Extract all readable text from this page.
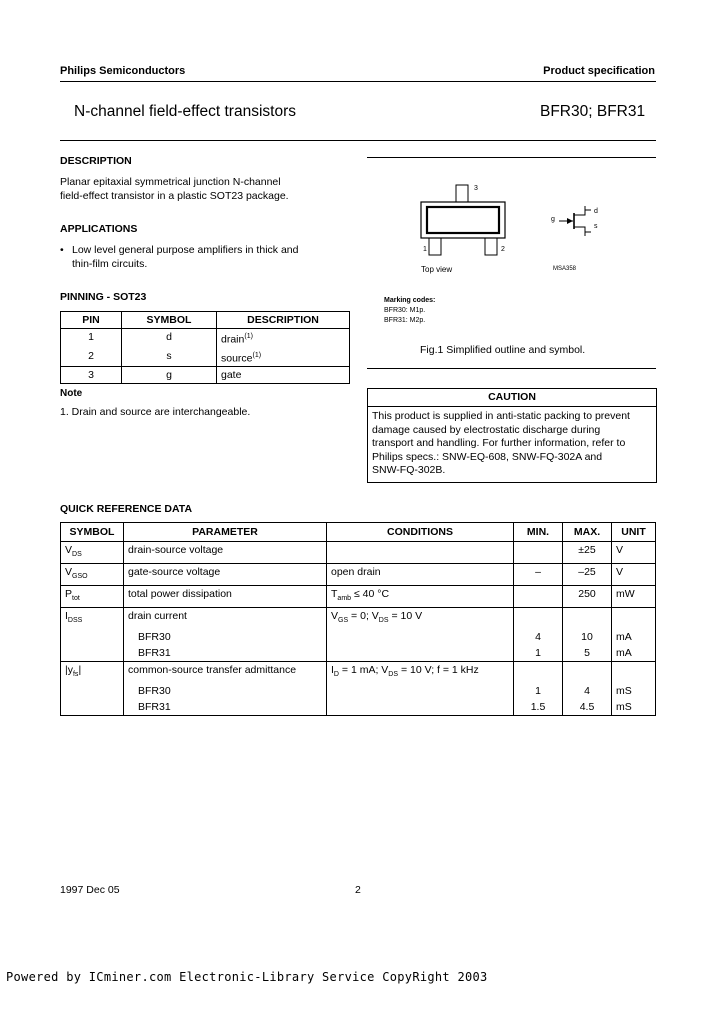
Philips Semiconductors	Product specification
N-channel field-effect transistors	BFR30; BFR31
DESCRIPTION
Planar epitaxial symmetrical junction N-channel
field-effect transistor in a plastic SOT23 package.
APPLICATIONS
• Low level general purpose amplifiers in thick and
thin-film circuits.
PINNING - SOT23
PIN	SYMBOL	DESCRIPTION
1	d	drain$^{(1)}$
2	s	source$^{(1)}$
3	g	gate
Note
1. Drain and source are interchangeable.
3
1	2
Top view
g
d
s
MSA358
Marking codes:
BFR30: M1p.
BFR31: M2p.
Fig.1 Simplified outline and symbol.
CAUTION
This product is supplied in anti-static packing to prevent
damage caused by electrostatic discharge during
transport and handling. For further information, refer to
Philips specs.: SNW-EQ-608, SNW-FQ-302A and
SNW-FQ-302B.
QUICK REFERENCE DATA
SYMBOL	PARAMETER	CONDITIONS	MIN.	MAX.	UNIT
$V_{DS}$	drain-source voltage			±25	V
$V_{GSO}$	gate-source voltage	open drain	–	–25	V
$P_{tot}$	total power dissipation	$T_{amb} \le 40$ °C		250	mW
$I_{DSS}$	drain current	$V_{GS} = 0$; $V_{DS} = 10$ V			
	BFR30		4	10	mA
	BFR31		1	5	mA
$|y_{fs}|$	common-source transfer admittance	$I_D = 1$ mA; $V_{DS} = 10$ V; f = 1 kHz			
	BFR30		1	4	mS
	BFR31		1.5	4.5	mS
1997 Dec 05	2
Powered by ICminer.com Electronic-Library Service CopyRight 2003
